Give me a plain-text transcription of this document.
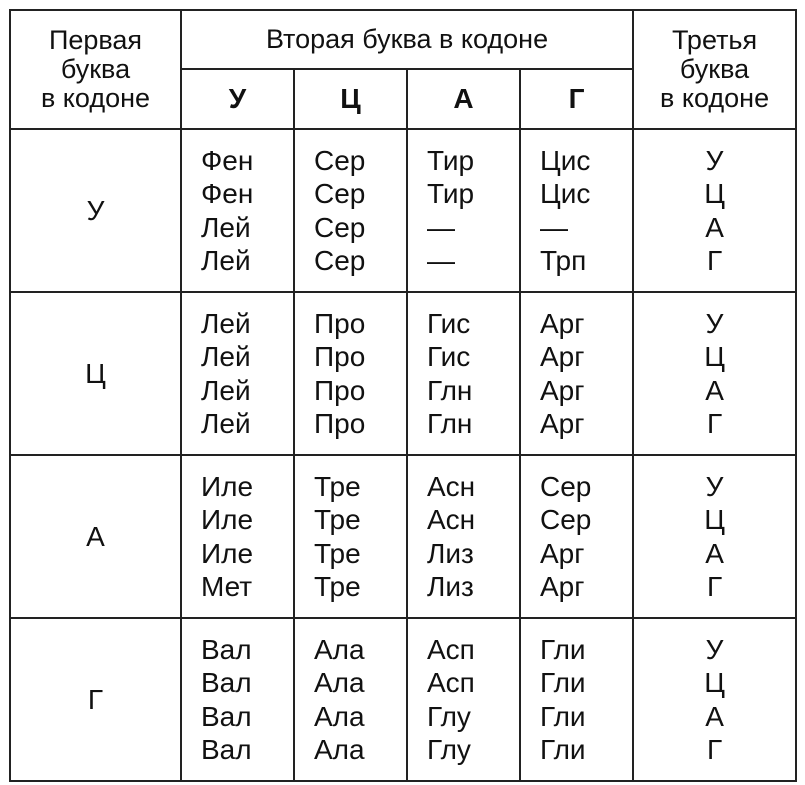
Первая
буква
в кодоне	Вторая буква в кодоне				Третья
буква
в кодоне

	У	Ц	А	Г	
У	Фен
Фен
Лей
Лей	Сер
Сер
Сер
Сер	Тир
Тир
—
—	Цис
Цис
—
Трп	У
Ц
А
Г

Ц	Лей
Лей
Лей
Лей	Про
Про
Про
Про	Гис
Гис
Глн
Глн	Арг
Арг
Арг
Арг	У
Ц
А
Г

А	Иле
Иле
Иле
Мет	Тре
Тре
Тре
Тре	Асн
Асн
Лиз
Лиз	Сер
Сер
Арг
Арг	У
Ц
А
Г

Г	Вал
Вал
Вал
Вал	Ала
Ала
Ала
Ала	Асп
Асп
Глу
Глу	Гли
Гли
Гли
Гли	У
Ц
А
Г
